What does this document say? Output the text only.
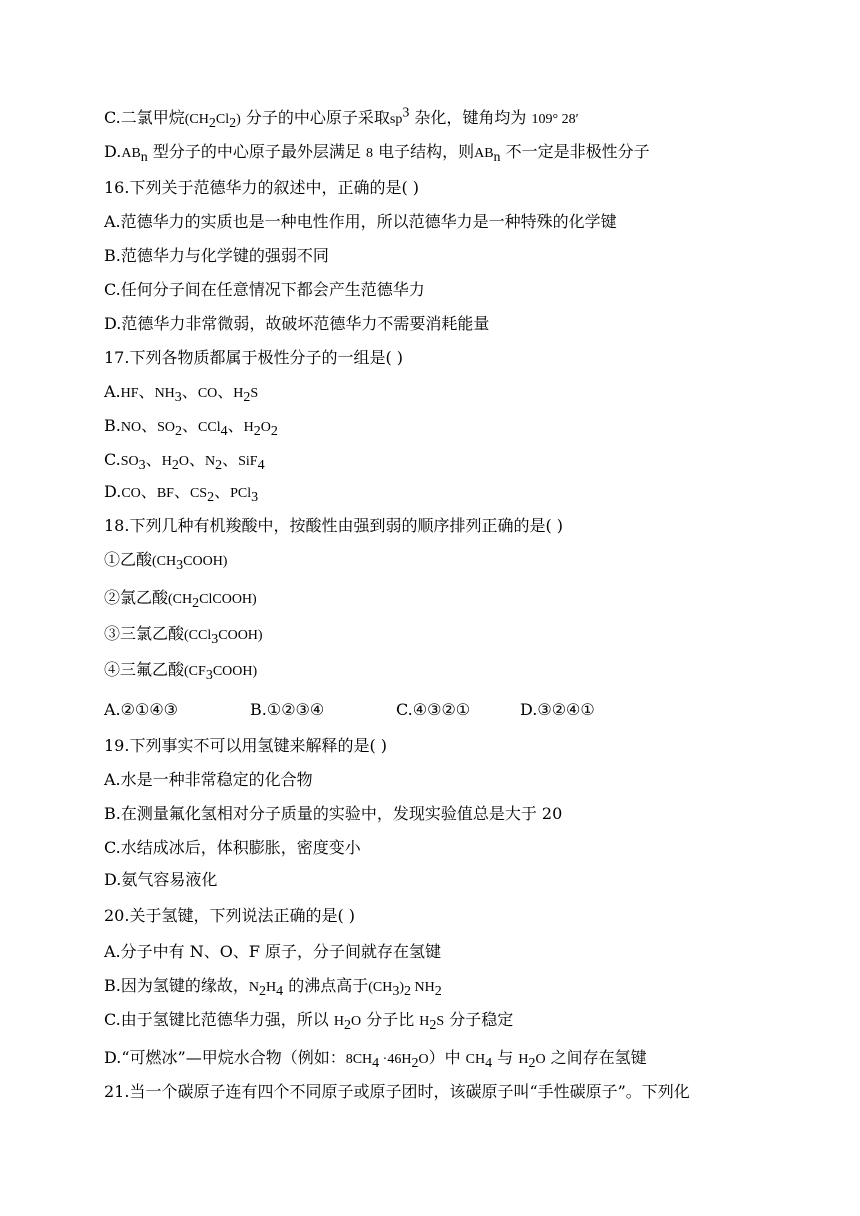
C.二氯甲烷$(CH_2Cl_2)$ 分子的中心原子采取$sp^3$ 杂化，键角均为 109° 28′
$D.AB_n$ 型分子的中心原子最外层满足 8 电子结构，则$AB_n$ 不一定是非极性分子
16.下列关于范德华力的叙述中，正确的是( )
A.范德华力的实质也是一种电性作用，所以范德华力是一种特殊的化学键
B.范德华力与化学键的强弱不同
C.任何分子间在任意情况下都会产生范德华力
D.范德华力非常微弱，故破坏范德华力不需要消耗能量
17.下列各物质都属于极性分子的一组是( )
A.HF、$NH_3$、CO、$H_2S$
B.NO、$SO_2$、CCl$_4$、$H_2O_2$
$C.SO_3$、$H_2O$、$N_2$、SiF$_4$
D.CO、BF、$CS_2$、PCl$_3$
18.下列几种有机羧酸中，按酸性由强到弱的顺序排列正确的是( )
①乙酸$(CH_3COOH)$
②氯乙酸$(CH_2ClCOOH)$
③三氯乙酸(CCl$_3$COOH)
④三氟乙酸$(CF_3COOH)$
A.②①④③	B.①②③④	C.④③②①	D.③②④①
19.下列事实不可以用氢键来解释的是( )
A.水是一种非常稳定的化合物
B.在测量氟化氢相对分子质量的实验中，发现实验值总是大于 20
C.水结成冰后，体积膨胀，密度变小
D.氨气容易液化
20.关于氢键，下列说法正确的是( )
A.分子中有 N、O、F 原子，分子间就存在氢键
B.因为氢键的缘故，$N_2H_4$ 的沸点高于$(CH_3)_2$ $NH_2$
C.由于氢键比范德华力强，所以 $H_2O$ 分子比 $H_2S$ 分子稳定
D.“可燃冰”—甲烷水合物（例如：$8CH_4 \cdot 46H_2O$）中 $CH_4$ 与 $H_2O$ 之间存在氢键
21.当一个碳原子连有四个不同原子或原子团时，该碳原子叫“手性碳原子”。下列化
